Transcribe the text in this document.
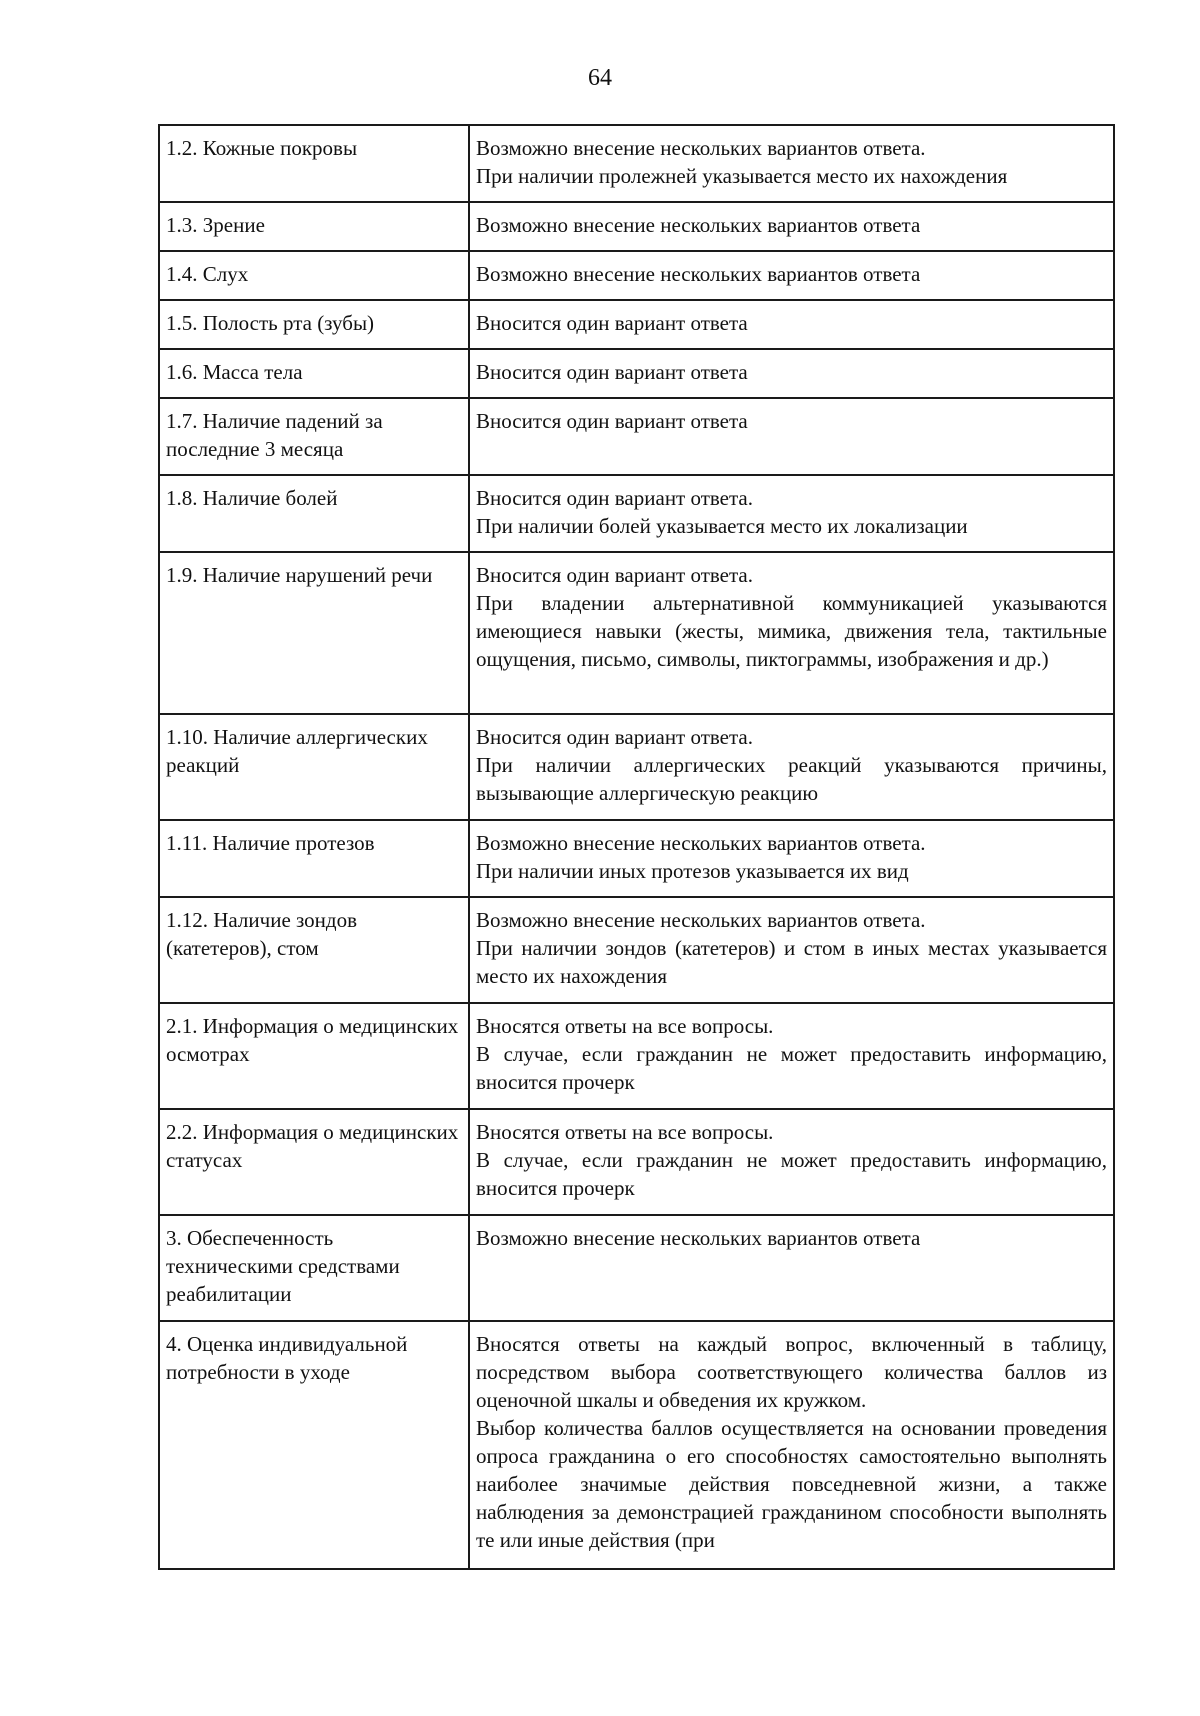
64
1.2. Кожные покровы	Возможно внесение нескольких вариантов ответа.
При наличии пролежней указывается место их нахождения

1.3. Зрение	Возможно внесение нескольких вариантов ответа

1.4. Слух	Возможно внесение нескольких вариантов ответа

1.5. Полость рта (зубы)	Вносится один вариант ответа

1.6. Масса тела	Вносится один вариант ответа

1.7. Наличие падений за последние 3 месяца	Вносится один вариант ответа

1.8. Наличие болей	Вносится один вариант ответа.
При наличии болей указывается место их локализации

1.9. Наличие нарушений речи	Вносится один вариант ответа.
При владении альтернативной коммуникацией указываются имеющиеся навыки (жесты, мимика, движения тела, тактильные ощущения, письмо, символы, пиктограммы, изображения и др.)

1.10. Наличие аллергических реакций	Вносится один вариант ответа.
При наличии аллергических реакций указываются причины, вызывающие аллергическую реакцию

1.11. Наличие протезов	Возможно внесение нескольких вариантов ответа.
При наличии иных протезов указывается их вид

1.12. Наличие зондов (катетеров), стом	Возможно внесение нескольких вариантов ответа.
При наличии зондов (катетеров) и стом в иных местах указывается место их нахождения

2.1. Информация о медицинских осмотрах	Вносятся ответы на все вопросы.
В случае, если гражданин не может предоставить информацию, вносится прочерк

2.2. Информация о медицинских статусах	Вносятся ответы на все вопросы.
В случае, если гражданин не может предоставить информацию, вносится прочерк

3. Обеспеченность техническими средствами реабилитации	Возможно внесение нескольких вариантов ответа

4. Оценка индивидуальной потребности в уходе	Вносятся ответы на каждый вопрос, включенный в таблицу, посредством выбора соответствующего количества баллов из оценочной шкалы и обведения их кружком.
Выбор количества баллов осуществляется на основании проведения опроса гражданина о его способностях самостоятельно выполнять наиболее значимые действия повседневной жизни, а также наблюдения за демонстрацией гражданином способности выполнять те или иные действия (при
